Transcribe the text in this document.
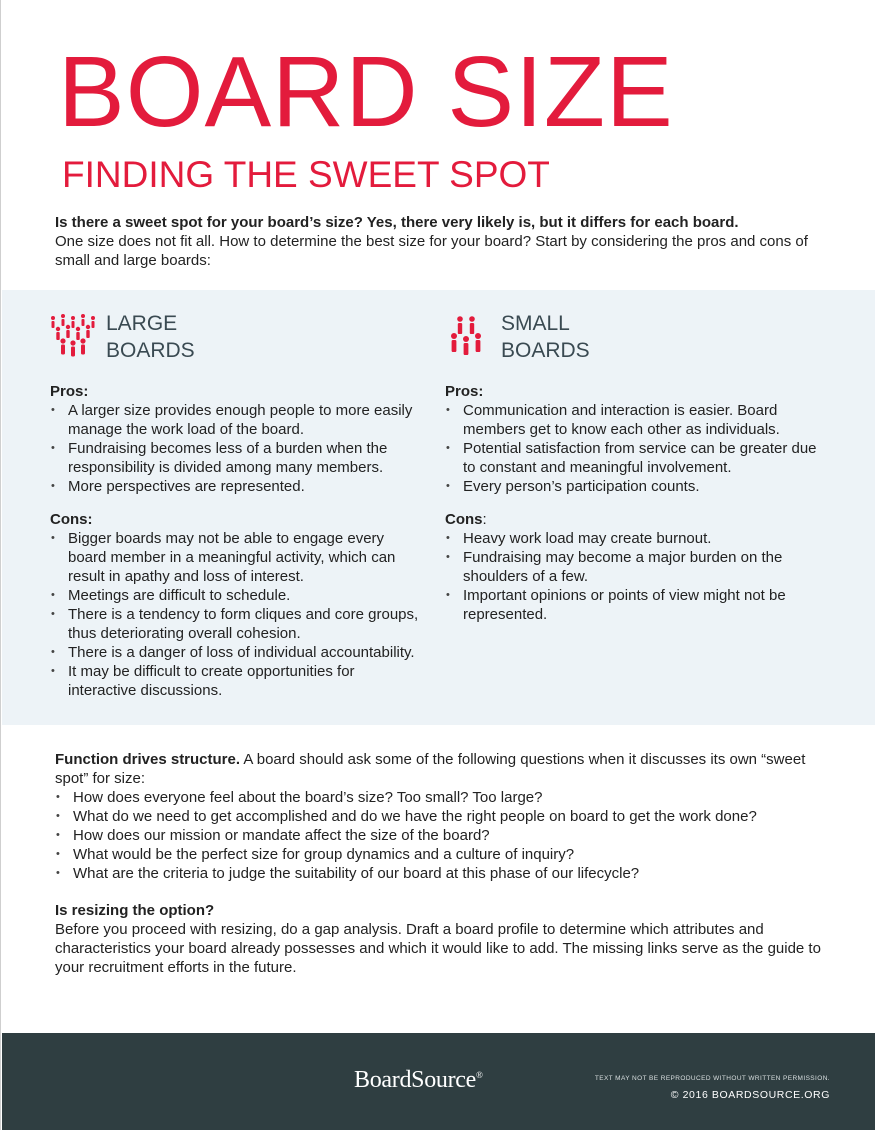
BOARD SIZE
FINDING THE SWEET SPOT
Is there a sweet spot for your board’s size? Yes, there very likely is, but it differs for each board.
One size does not fit all. How to determine the best size for your board? Start by considering the pros and cons of small and large boards:
LARGE
BOARDS

Pros:

• A larger size provides enough people to more easily manage the work load of the board.
• Fundraising becomes less of a burden when the responsibility is divided among many members.
• More perspectives are represented.

Cons:

• Bigger boards may not be able to engage every board member in a meaningful activity, which can result in apathy and loss of interest.
• Meetings are difficult to schedule.
• There is a tendency to form cliques and core groups, thus deteriorating overall cohesion.
• There is a danger of loss of individual accountability.
• It may be difficult to create opportunities for interactive discussions.
SMALL
BOARDS

Pros:

• Communication and interaction is easier. Board members get to know each other as individuals.
• Potential satisfaction from service can be greater due to constant and meaningful involvement.
• Every person’s participation counts.

Cons:

• Heavy work load may create burnout.
• Fundraising may become a major burden on the shoulders of a few.
• Important opinions or points of view might not be represented.
Function drives structure. A board should ask some of the following questions when it discusses its own “sweet spot” for size:
• How does everyone feel about the board’s size? Too small? Too large?
• What do we need to get accomplished and do we have the right people on board to get the work done?
• How does our mission or mandate affect the size of the board?
• What would be the perfect size for group dynamics and a culture of inquiry?
• What are the criteria to judge the suitability of our board at this phase of our lifecycle?
Is resizing the option?
Before you proceed with resizing, do a gap analysis. Draft a board profile to determine which attributes and characteristics your board already possesses and which it would like to add. The missing links serve as the guide to your recruitment efforts in the future.
BoardSource®	TEXT MAY NOT BE REPRODUCED WITHOUT WRITTEN PERMISSION.
© 2016 BOARDSOURCE.ORG
